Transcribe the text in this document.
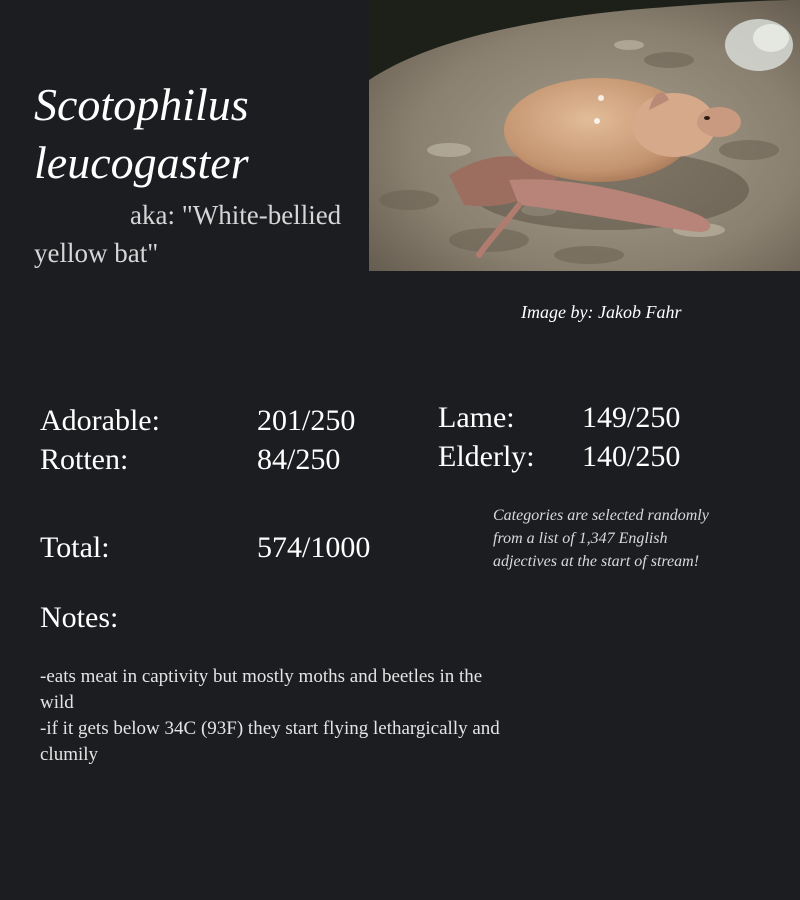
Scotophilus
leucogaster
aka: "White-bellied yellow bat"
Image by: Jakob Fahr
Adorable:	201/250
Rotten:	84/250
Lame: 149/250
Elderly: 140/250
Total:	574/1000
Categories are selected randomly from a list of 1,347 English adjectives at the start of stream!
Notes:
-eats meat in captivity but mostly moths and beetles in the wild
-if it gets below 34C (93F) they start flying lethargically and clumily
